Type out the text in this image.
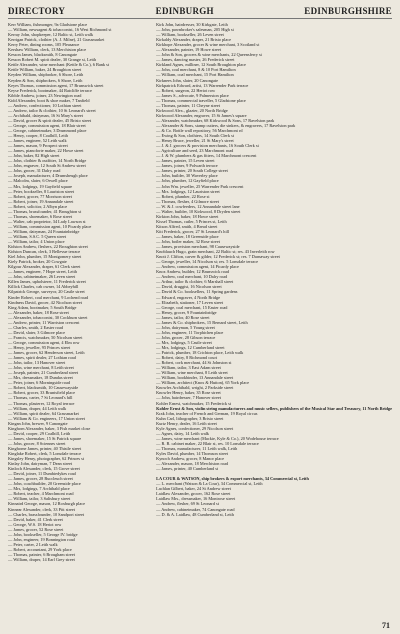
DIRECTORY	EDINBURGH	EDINBURGHSHIRE
Kerr William, fishmonger, 9a Gladstone place
— William, newsagent & tobacconist, 16 West Richmond st
Kerray John, shopkeeper, 12 Baltic st, Leith walk
Kerrigan Patrick, clothier (A. J. Milne), 21 Grassmarket
Kerry Peter, dining rooms, 105 Pleasance
Kershaw William, clerk, 13 Merchiston place
Kesson James, blacksmith, 8 Canongate
Kesson Robert M. spirit dealer, 30 Grange st, Leith
Kettle Alexander, wine merchant (Kettle & Co.), 6 Bank st
Kettle William, baker, 24 Broughton street
Keyden William, shipbroker, 6 Shore, Leith
Keyden & Son, shipbrokers, 6 Shore, Leith
Keyes Thomas, commission agent, 17 Brunswick street
Keyse Frederick, bootmaker, 44 Ratcliffe terrace
Kibble Andrew, joiner, 23 Newington road
Kidd Alexander, boot & shoe maker, 7 Tanfield
— Andrew, confectioner, 10 Lothian street
— Andrew, tailor & clothier, 10 St Leonard's street
— Archibald, dairyman, 16 St Mary's street
— David, grocer & spirit dealer, 45 Bristo street
— George, commission agent, 18 Blair street
— George, cabinetmaker, 3 Drummond place
— Henry, cooper, 8 Coalhill, Leith
— James, engineer, 52 Leith walk
— James, mason, 9 Prospect street
— James, pianoforte maker, 22 Howe street
— John, baker, 82 High street
— John, clothier & outfitter, 14 North Bridge
— John, engraver, 12 South St Andrew street
— John, grocer, 31 Dalry road
— Joseph, manufacturer, 4 Drumsheugh place
— Malcolm, slater, 6 Orwell place
— Mrs, lodgings, 19 Gayfield square
— Peter, bookseller, 8 Lauriston street
— Robert, grocer, 77 Morrison street
— Robert, joiner, 19 Annandale street
— Robert, solicitor, 2 Albyn place
— Thomas, brassfounder, 41 Broughton st
— Thomas, shoemaker, 6 Rose street
— Walter, cab proprietor, 34 Lady Lawson st
— William, commission agent, 10 Picardy place
— William, dairyman, 24 Fountainbridge
— William, S.S.C. 5 Queen street
— William, tailor, 4 Union place
Kidston Andrew, fleshers, 22 Broughton street
Kidston Duncan, clerk, 3 Bellevue terrace
Kiel John, plumber, 15 Montgomery street
Kiely Patrick, broker, 20 Cowgate
Kilgour Alexander, draper, 61 Clerk street
— James, engineer, 7 Hope street, Leith
— John, cabinetmaker, 26 Leven street
Killen James, upholsterer, 11 Frederick street
Killick Charles, cab owner, 14 Abbeyhill
Kilpatrick George, surveyor, 20 Castle street
Kinder Robert, coal merchant, 9 Lochend road
Kindness David, grocer, 42 Nicolson street
King Adam, bootmaker, 5 South Bridge
— Alexander, baker, 18 Rose street
— Alexander, tobacconist, 30 Cockburn street
— Andrew, printer, 11 Warriston crescent
— Charles, smith, 2 Easter road
— David, slater, 3 Gilmore place
— Francis, watchmaker, 50 Nicolson street
— George, commission agent, 4 Elm row
— Henry, jeweller, 95 Princes street
— James, grocer, 62 Henderson street, Leith
— James, spirit dealer, 27 Lothian road
— John, tailor, 13 Hanover street
— John, wine merchant, 8 Leith street
— Joseph, painter, 21 Cumberland street
— Mrs, dressmaker, 18 Dundas street
— Peter, joiner, 6 Morningside road
— Robert, blacksmith, 10 Causewayside
— Robert, grocer, 33 Bruntsfield place
— Thomas, carter, 7 St Leonard's hill
— Thomas, plasterer, 12 Royal terrace
— William, draper, 44 Leith walk
— William, spirit dealer, 64 Grassmarket
— William & Co. engineers, 17 Union street
Kingan John, brewer, 9 Canongate
Kinghorn Alexander, baker, 3 Fish market close
— David, cooper, 29 Coalhill, Leith
— James, shoemaker, 15 St Patrick square
— John, grocer, 8 Sciennes street
Kinghorne James, printer, 40 Thistle street
Kinglake Robert, clerk, 5 Lonsdale terrace
Kingsley Henry, photographer, 62 Princes st
Kinlay John, dairyman, 7 Dean street
Kinloch Alexander, clerk, 15 Grove street
— David, joiner, 11 Dumbiedykes road
— James, grocer, 28 Buccleuch street
— John, coachbuilder, 20 Greenside place
— Mrs, lodgings, 7 Archibald place
— Robert, teacher, 4 Marchmont road
— William, tailor, 3 Salisbury street
Kinnaird George, mason, 12 Roxburgh place
Kinnear Alexander, clerk, 33 Pitt street
— Charles, brassfounder, 10 Sandport street
— David, baker, 41 Clerk street
— George, W.S. 18 Heriot row
— James, grocer, 52 Rose street
— John, bookseller, 5 George IV. bridge
— John, engineer, 19 Bonnington road
— Peter, carter, 2 Leith walk
— Robert, accountant, 29 York place
— Thomas, painter, 6 Brougham street
— William, draper, 14 Earl Grey street
Kirk John, hairdresser, 30 Kirkgate, Leith
— John, pawnbroker's salesman, 205 High st
— William, bookseller, 26 Leven street
Kirkaldy Alexander, draper, 21 Bristo place
Kirkhope Alexander, grocer & wine merchant, 3 Scotland st
— Alexander, painter, 19 Howe street
— John & Son, grocers & wine merchants, 22 Queensferry st
— James, dancing master, 26 Frederick street
Kirkland Agnes, milliner, 12 South Broughton place
— John, coal merchant, 8 & 10 Port Hamilton
— William, coal merchant, 15 Port Hamilton
Kirknees John, slater, 20 Canongate
Kirkpatrick Edward, artist, 13 Warrender Park terrace
— Robert, surgeon, 22 Heriot row
— James S., advocate, 9 Palmerston place
— Thomas, commercial traveller, 5 Gladstone place
— Thomas, painter, 11 Cheyne street
Kirkwood Alex., glazier, 20 North Bridge
Kirkwood Alexander, engraver, 15 St James's square
— Alexander, watchmaker, 68 Kirkwood & Sons, 17 Ravelston park
— Alexander & Sons, stamp cutters, die sinkers, & engravers, 17 Ravelston park
— & Co. Bottle wall repository, 56 Marchmont rd
— Ewing & Son, clothiers, 14 South Clerk st
— Henry Bruce, jeweller, 21 St Mary's street
— J. & J. grocers & provision merchants, 16 South Clerk st
— Agriculture and seed, 23 Marchmont road
— J. & W. plumbers & gas fitters, 14 Marchmont crescent
— James, painter, 15 Leven street
— James, joiner, 9 Polwarth terrace
— James, printer, 20 South College street
— John, builder, 30 Waverley place
— John, plumber, 12 Gayfield place
— John Wm. jeweller, 25 Warrender Park crescent
— Mrs. lodgings, 12 Lauriston street
— Robert, plumber, 22 Rose st
— Thomas, flesher, 4 Gilmore street
— W. & J. cowfeeders, 12 Annandale street lane
— Walter, builder, 10 Kirkwood, 8 Dryden street
Kirkton John, baker, 18 Howe street
Kissel Thomas, cutler, 5 Princes st, Leith
Kitson Alfred, smith, 4 Bread street
Kitt Frederick, grocer, 27 St Leonard's hill
— James, baker, 18 Greenside place
— John, boiler maker, 32 Rose street
— James, provision merchant, 98 Causewayside
Knoblauch Hugo, grain merchant, 22 Baltic st; res. 43 Inverleith row
Knott J. Clifton, carver & gilder, 12 Frederick st; res. 7 Darnaway street
— George, jeweller, 14 Nicolson st; res. 5 Lonsdale terrace
— Andrew, commission agent, 14 Picardy place
Knox Andrew, builder, 12 Brunswick road
— Andrew, coal merchant, 10 Dalry road
— Arthur, tailor & clothier, 6 Marshall street
— David, druggist, 16 Nicolson street
— David & Co. booksellers, 11 Spring gardens
— Edward, engraver, 4 North Bridge
— Elizabeth, stationer, 17 Leven street
— George, coal merchant, 15 Easter road
— Henry, grocer, 9 Fountainbridge
— James, tailor, 40 Rose street
— James & Co. shipbrokers, 15 Bernard street, Leith
— John, dairyman, 5 Young street
— John, engineer, 11 Torphichen place
— John, grocer, 28 Gibson terrace
— Mrs, lodgings, 5 Castle street
— Mrs, lodgings, 12 Cumberland street
— Patrick, plumber, 18 Crichton place, Leith walk
— Robert, dairy, 8 Richmond court
— Robert, cork merchant, 44 St Johnston st
— William, tailor, 3 East Adam street
— William, wine merchant, 8 Leith street
— William, bookbinder, 13 Annandale street
— William, architect (Knox & Hutton), 65 York place
Knowles Archibald, wright, 2 Parkside street
Knowler Henry, baker, 35 Rose street
— John, hairdresser, 7 Hanover street
Kohler Ernest, watchmaker, 15 Frederick st
Kohler Ernst & Son, violin string manufacturers and music sellers, publishers of the Musical Star and Treasury, 11 North Bridge
Krak John, teacher of French and German, 19 Royal circus
Kuhn Carl, lithographer, 3 Bristo street
Kurtz Henry, dealer, 16 Leith street
Kyle Agnes, confectioner, 29 Nicolson street
— Agnes, dairy, 14 Leith walk
— James, wine merchant (Mackie, Kyle & Co.), 20 Wodehouse terrace
— R. B. cabinet maker, 22 Blair st, res. 10 Lonsdale terrace
— Thomas, manufacturer, 11 Leith walk, Leith
Kyles David, plumber, 14 Thomson street
Kynoch Andrew, grocer, 8 Manor place
— Alexander, mason, 18 Merchiston road
— James, printer, 40 Cumberland st

LA COUR & WATSON, ship brokers & export merchants, 34 Commercial st, Leith
— L. merchant (Watson & La Cour), 34 Commercial st, Leith
Lachlan Gilbert, baker, 24 St Andrew street
Laidlaw Alexander, grocer, 162 Rose street
Laidlaw Mrs., dressmaker, 16 Montrose street
— Andrew, flesher, 69 St Leonard st
— Andrew, cabinetmaker, 74 Canongate road
— D. & A. Laidlaw, 48 Cumberland st, Leith
71
